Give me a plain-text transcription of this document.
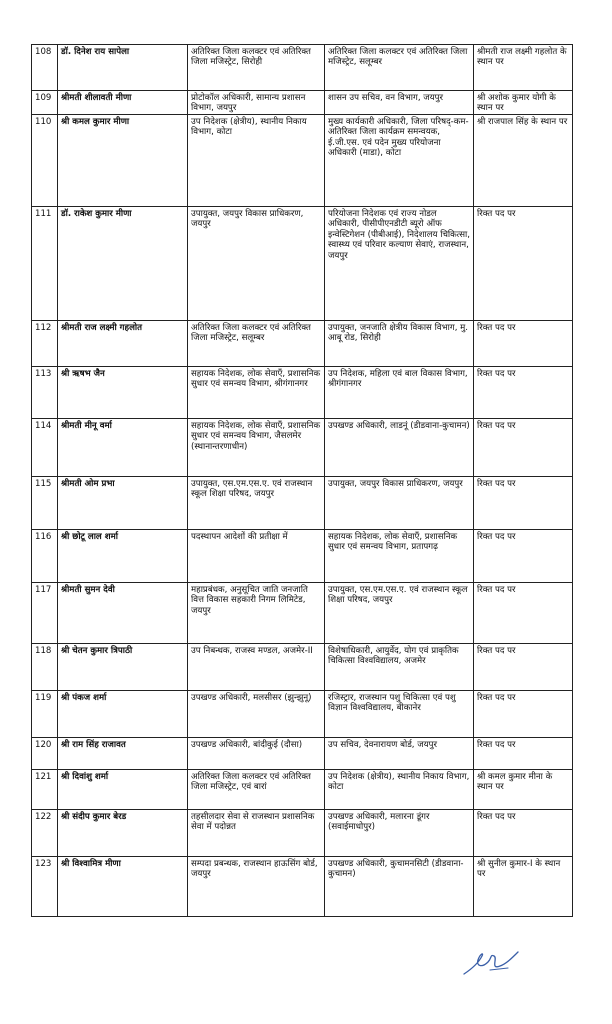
108	डॉ. दिनेश राय सापेला	अतिरिक्त जिला कलक्टर एवं अतिरिक्त जिला मजिस्ट्रेट, सिरोही	अतिरिक्त जिला कलक्टर एवं अतिरिक्त जिला मजिस्ट्रेट, सलूम्बर	श्रीमती राज लक्ष्मी गहलोत के स्थान पर
109	श्रीमती शीलावती मीणा	प्रोटोकॉल अधिकारी, सामान्य प्रशासन विभाग, जयपुर	शासन उप सचिव, वन विभाग, जयपुर	श्री अशोक कुमार योगी के स्थान पर
110	श्री कमल कुमार मीणा	उप निदेशक (क्षेत्रीय), स्थानीय निकाय विभाग, कोटा	मुख्य कार्यकारी अधिकारी, जिला परिषद्-कम- अतिरिक्त जिला कार्यक्रम समन्वयक, ई.जी.एस. एवं पदेन मुख्य परियोजना अधिकारी (माडा), कोटा	श्री राजपाल सिंह के स्थान पर
111	डॉ. राकेश कुमार मीणा	उपायुक्त, जयपुर विकास प्राधिकरण, जयपुर	परियोजना निदेशक एवं राज्य नोडल अधिकारी, पीसीपीएनडीटी ब्यूरो ऑफ इन्वेस्टिगेशन (पीबीआई), निदेशालय चिकित्सा, स्वास्थ्य एवं परिवार कल्याण सेवाएं, राजस्थान, जयपुर	रिक्त पद पर
112	श्रीमती राज लक्ष्मी गहलोत	अतिरिक्त जिला कलक्टर एवं अतिरिक्त जिला मजिस्ट्रेट, सलूम्बर	उपायुक्त, जनजाति क्षेत्रीय विकास विभाग, मु. आबू रोड, सिरोही	रिक्त पद पर
113	श्री ऋषभ जैन	सहायक निदेशक, लोक सेवाएँ, प्रशासनिक सुधार एवं समन्वय विभाग, श्रीगंगानगर	उप निदेशक, महिला एवं बाल विकास विभाग, श्रीगंगानगर	रिक्त पद पर
114	श्रीमती मीनू वर्मा	सहायक निदेशक, लोक सेवाएँ, प्रशासनिक सुधार एवं समन्वय विभाग, जैसलमेर (स्थानान्तरणाधीन)	उपखण्ड अधिकारी, लाडनूं (डीडवाना-कुचामन)	रिक्त पद पर
115	श्रीमती ओम प्रभा	उपायुक्त, एस.एम.एस.ए. एवं राजस्थान स्कूल शिक्षा परिषद, जयपुर	उपायुक्त, जयपुर विकास प्राधिकरण, जयपुर	रिक्त पद पर
116	श्री छोटू लाल शर्मा	पदस्थापन आदेशों की प्रतीक्षा में	सहायक निदेशक, लोक सेवाएँ, प्रशासनिक सुधार एवं समन्वय विभाग, प्रतापगढ़	रिक्त पद पर
117	श्रीमती सुमन देवी	महाप्रबंधक, अनुसूचित जाति जनजाति वित्त विकास सहकारी निगम लिमिटेड, जयपुर	उपायुक्त, एस.एम.एस.ए. एवं राजस्थान स्कूल शिक्षा परिषद, जयपुर	रिक्त पद पर
118	श्री चेतन कुमार त्रिपाठी	उप निबन्धक, राजस्व मण्डल, अजमेर-II	विशेषाधिकारी, आयुर्वेद, योग एवं प्राकृतिक चिकित्सा विश्वविद्यालय, अजमेर	रिक्त पद पर
119	श्री पंकज शर्मा	उपखण्ड अधिकारी, मलसीसर (झुन्झुनू)	रजिस्ट्रार, राजस्थान पशु चिकित्सा एवं पशु विज्ञान विश्वविद्यालय, बीकानेर	रिक्त पद पर
120	श्री राम सिंह राजावत	उपखण्ड अधिकारी, बांदीकुई (दौसा)	उप सचिव, देवनारायण बोर्ड, जयपुर	रिक्त पद पर
121	श्री दिवांशु शर्मा	अतिरिक्त जिला कलक्टर एवं अतिरिक्त जिला मजिस्ट्रेट, एवं बारां	उप निदेशक (क्षेत्रीय), स्थानीय निकाय विभाग, कोटा	श्री कमल कुमार मीना के स्थान पर
122	श्री संदीप कुमार बेरड	तहसीलदार सेवा से राजस्थान प्रशासनिक सेवा में पदोन्नत	उपखण्ड अधिकारी, मलारना डूंगर (सवाईमाधोपुर)	रिक्त पद पर
123	श्री विश्वामित्र मीणा	सम्पदा प्रबन्धक, राजस्थान हाऊसिंग बोर्ड, जयपुर	उपखण्ड अधिकारी, कुचामनसिटी (डीडवाना-कुचामन)	श्री सुनील कुमार-I के स्थान पर
